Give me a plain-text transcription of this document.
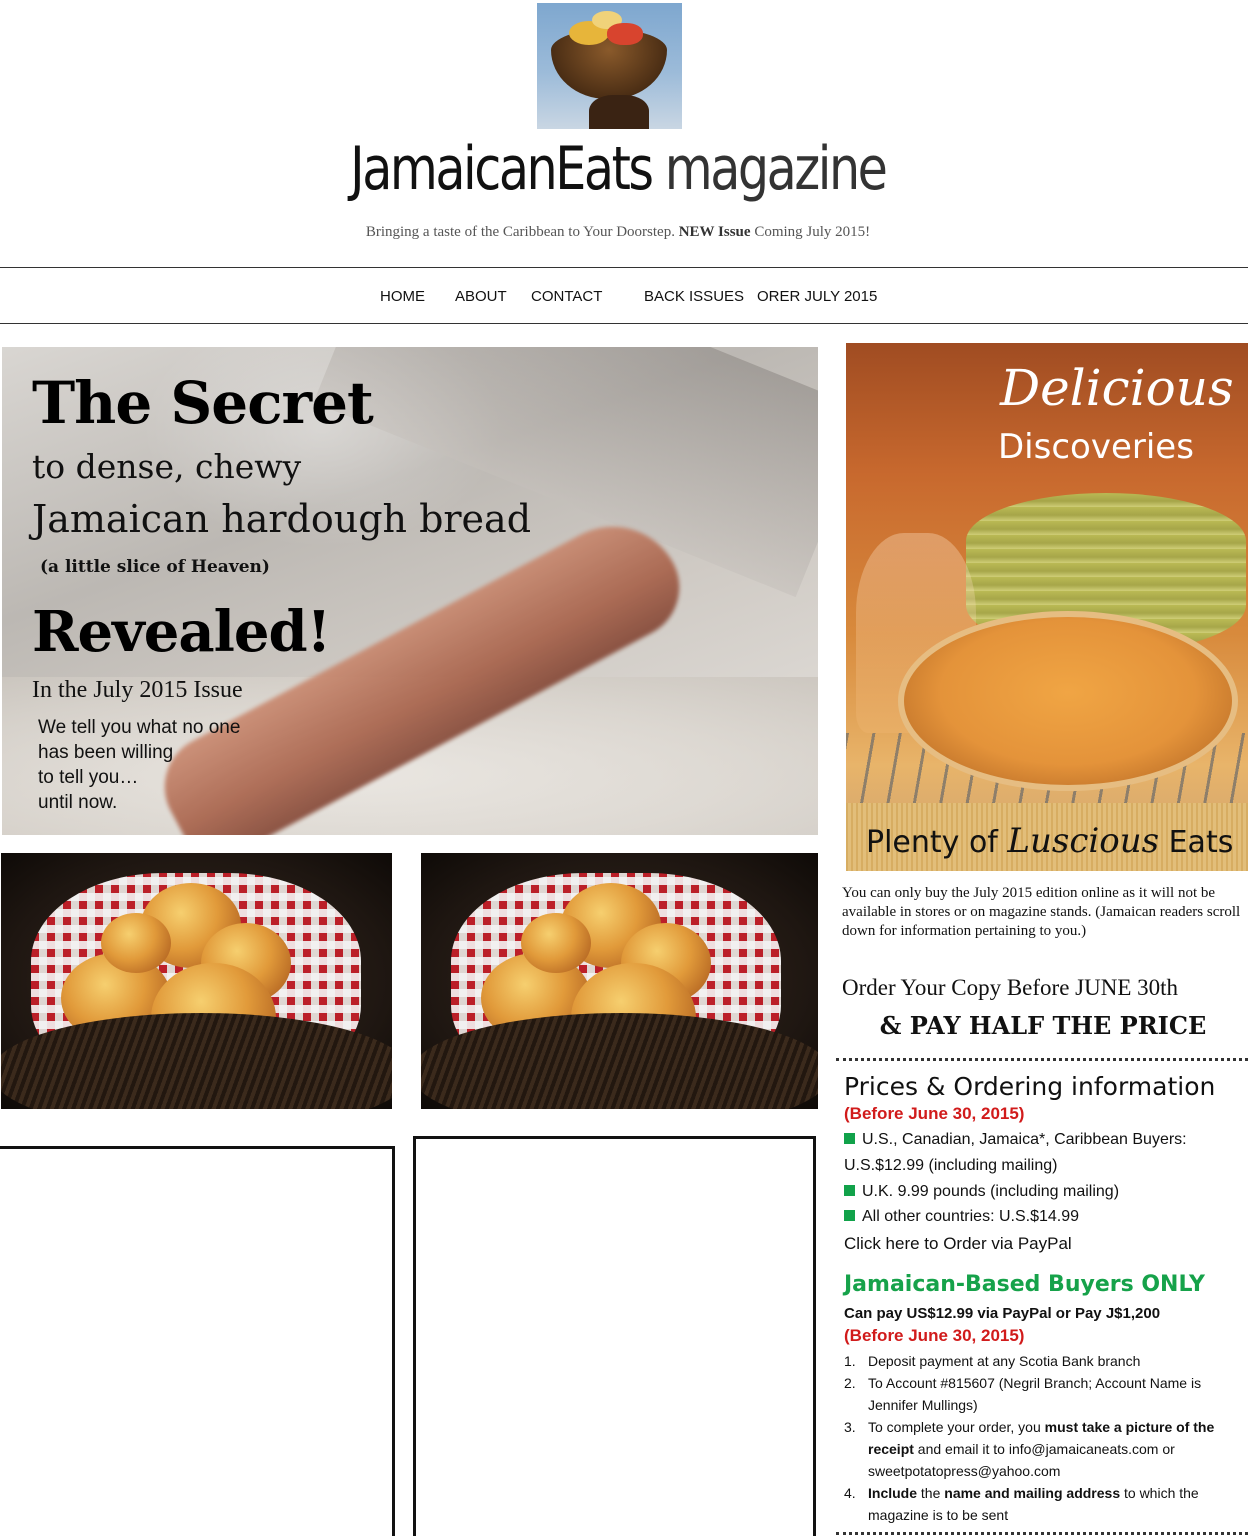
JamaicanEats magazine
Bringing a taste of the Caribbean to Your Doorstep. NEW Issue Coming July 2015!
HOME ABOUT CONTACT	BACK ISSUES ORER JULY 2015
The Secret
to dense, chewy
Jamaican hardough bread
(a little slice of Heaven)
Revealed!
In the July 2015 Issue
We tell you what no one
has been willing
to tell you…
until now.
Delicious
Discoveries
Plenty of Luscious Eats
You can only buy the July 2015 edition online as it will not be available in stores or on magazine stands. (Jamaican readers scroll down for information pertaining to you.)
Order Your Copy Before JUNE 30th
& PAY HALF THE PRICE
Prices & Ordering information
(Before June 30, 2015)
U.S., Canadian, Jamaica*, Caribbean Buyers:
U.S.$12.99 (including mailing)
U.K. 9.99 pounds (including mailing)
All other countries: U.S.$14.99
Click here to Order via PayPal
Jamaican-Based Buyers ONLY
Can pay US$12.99 via PayPal or Pay J$1,200
(Before June 30, 2015)
1. Deposit payment at any Scotia Bank branch
2. To Account #815607 (Negril Branch; Account Name is Jennifer Mullings)
3. To complete your order, you must take a picture of the receipt and email it to info@jamaicaneats.com or sweetpotatopress@yahoo.com
4. Include the name and mailing address to which the magazine is to be sent
